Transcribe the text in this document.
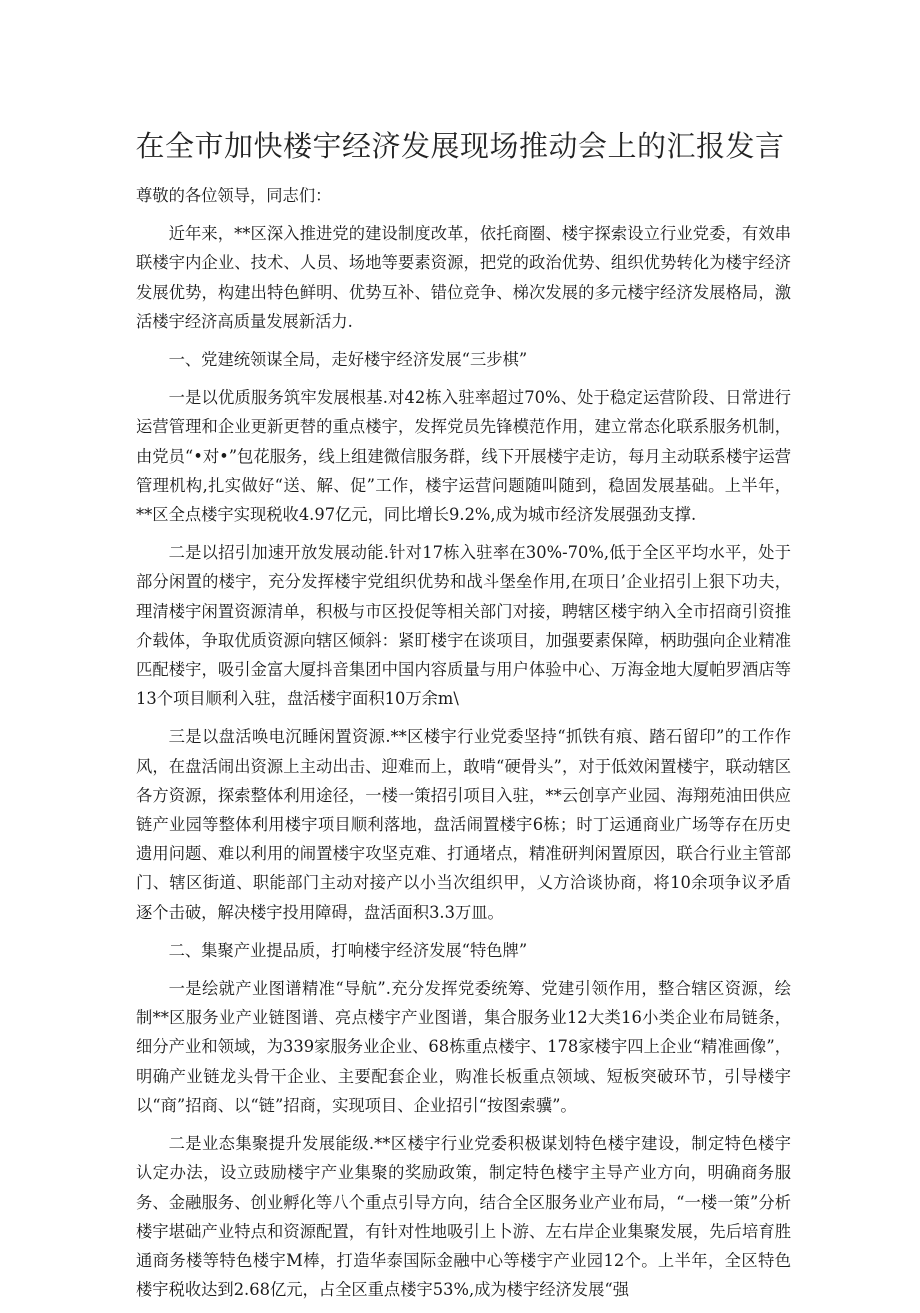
在全市加快楼宇经济发展现场推动会上的汇报发言

尊敬的各位领导，同志们：

近年来，**区深入推进党的建设制度改革，依托商圈、楼宇探索设立行业党委，有效串联楼宇内企业、技术、人员、场地等要素资源，把党的政治优势、组织优势转化为楼宇经济发展优势，构建出特色鲜明、优势互补、错位竞争、梯次发展的多元楼宇经济发展格局，激活楼宇经济高质量发展新活力.

一、党建统领谋全局，走好楼宇经济发展“三步棋”

一是以优质服务筑牢发展根基.对42栋入驻率超过70%、处于稳定运营阶段、日常进行运营管理和企业更新更替的重点楼宇，发挥党员先锋模范作用，建立常态化联系服务机制，由党员“•对•”包花服务，线上组建微信服务群，线下开展楼宇走访，每月主动联系楼宇运营管理机构,扎实做好“送、解、促”工作，楼宇运营问题随叫随到，稳固发展基础。上半年，**区全点楼宇实现税收4.97亿元，同比增长9.2%,成为城市经济发展强劲支撑.

二是以招引加速开放发展动能.针对17栋入驻率在30%-70%,低于全区平均水平，处于部分闲置的楼宇，充分发挥楼宇党组织优势和战斗堡垒作用,在项日’企业招引上狠下功夫，理清楼宇闲置资源清单，积极与市区投促等相关部门对接，聘辖区楼宇纳入全市招商引资推介载体，争取优质资源向辖区倾斜：紧盯楼宇在谈项目，加强要素保障，柄助强向企业精准匹配楼宇，吸引金富大厦抖音集团中国内容质量与用户体验中心、万海金地大厦帕罗酒店等13个项目顺利入驻，盘活楼宇面积10万余m\

三是以盘活唤电沉睡闲置资源.**区楼宇行业党委坚持“抓铁有痕、踏石留印”的工作作风，在盘活闹出资源上主动出击、迎难而上，敢啃“硬骨头”，对于低效闲置楼宇，联动辖区各方资源，探索整体利用途径，一楼一策招引项目入驻，**云创享产业园、海翔苑油田供应链产业园等整体利用楼宇项目顺利落地，盘活闹置楼宇6栋；时丁运通商业广场等存在历史遗用问题、难以利用的闹置楼宇攻坚克难、打通堵点，精准研判闲置原因，联合行业主管部门、辖区街道、职能部门主动对接产以小当次组织甲，乂方洽谈协商，将10余项争议矛盾逐个击破，解决楼宇投用障碍，盘活面积3.3万皿。

二、集聚产业提品质，打响楼宇经济发展“特色牌”

一是绘就产业图谱精准“导航”.充分发挥党委统筹、党建引领作用，整合辖区资源，绘制**区服务业产业链图谱、亮点楼宇产业图谱，集合服务业12大类16小类企业布局链条，细分产业和领域，为339家服务业企业、68栋重点楼宇、178家楼宇四上企业“精准画像”，明确产业链龙头骨干企业、主要配套企业，购准长板重点领域、短板突破环节，引导楼宇以“商”招商、以“链”招商，实现项目、企业招引“按图索骥”。

二是业态集聚提升发展能级.**区楼宇行业党委积极谋划特色楼宇建设，制定特色楼宇认定办法，设立豉励楼宇产业集聚的奖励政策，制定特色楼宇主导产业方向，明确商务服务、金融服务、创业孵化等八个重点引导方向，结合全区服务业产业布局，“一楼一策”分析楼宇堪础产业特点和资源配置，有针对性地吸引上卜游、左右岸企业集聚发展，先后培育胜通商务楼等特色楼宇M棒，打造华泰国际金融中心等楼宇产业园12个。上半年，全区特色楼宇税收达到2.68亿元，占全区重点楼宇53%,成为楼宇经济发展“强
